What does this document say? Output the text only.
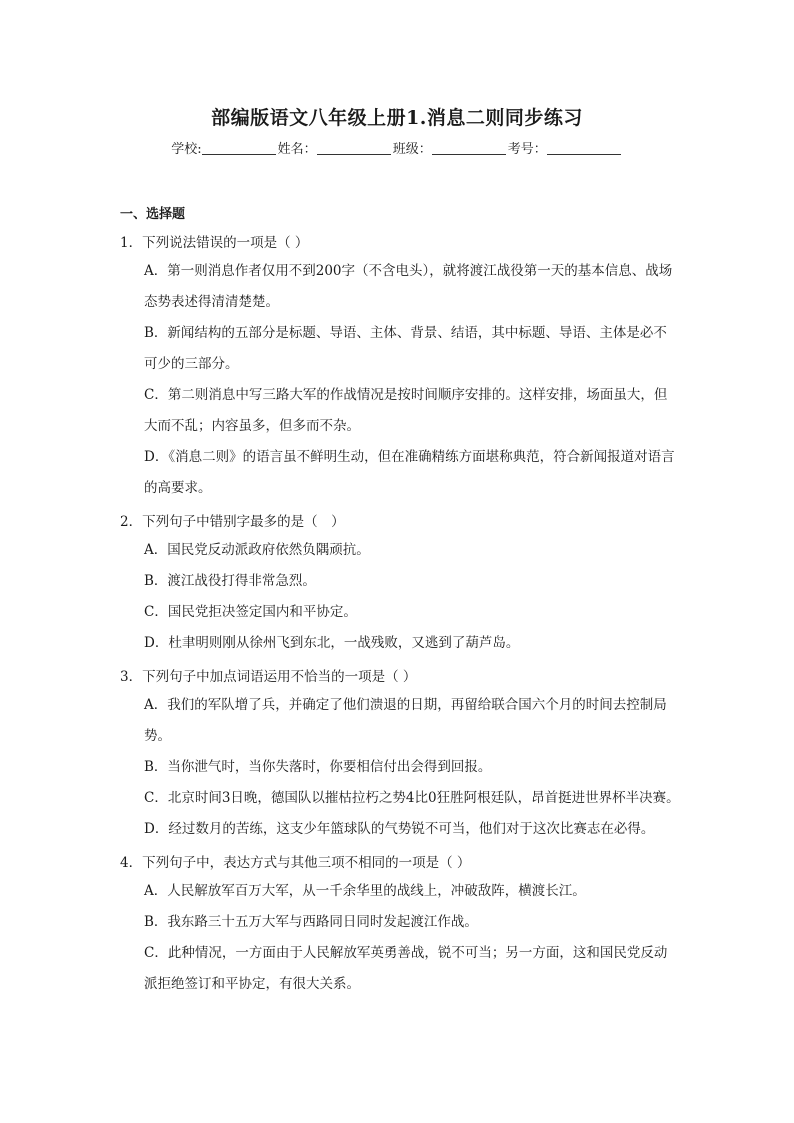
部编版语文八年级上册1.消息二则同步练习
学校:	姓名：	班级：	考号：
一、选择题
1．下列说法错误的一项是（ ）
A．第一则消息作者仅用不到200字（不含电头），就将渡江战役第一天的基本信息、战场态势表述得清清楚楚。
B．新闻结构的五部分是标题、导语、主体、背景、结语，其中标题、导语、主体是必不可少的三部分。
C．第二则消息中写三路大军的作战情况是按时间顺序安排的。这样安排，场面虽大，但大而不乱；内容虽多，但多而不杂。
D．《消息二则》的语言虽不鲜明生动，但在准确精练方面堪称典范，符合新闻报道对语言的高要求。
2．下列句子中错别字最多的是（　）
A．国民党反动派政府依然负隅顽抗。
B．渡江战役打得非常急烈。
C．国民党拒决签定国内和平协定。
D．杜聿明则刚从徐州飞到东北，一战残败，又逃到了葫芦岛。
3．下列句子中加点词语运用不恰当的一项是（ ）
A．我们的军队增了兵，并确定了他们溃退的日期，再留给联合国六个月的时间去控制局势。
B．当你泄气时，当你失落时，你要相信付出会得到回报。
C．北京时间3日晚，德国队以摧枯拉朽之势4比0狂胜阿根廷队，昂首挺进世界杯半决赛。
D．经过数月的苦练，这支少年篮球队的气势锐不可当，他们对于这次比赛志在必得。
4．下列句子中，表达方式与其他三项不相同的一项是（ ）
A．人民解放军百万大军，从一千余华里的战线上，冲破敌阵，横渡长江。
B．我东路三十五万大军与西路同日同时发起渡江作战。
C．此种情况，一方面由于人民解放军英勇善战，锐不可当；另一方面，这和国民党反动派拒绝签订和平协定，有很大关系。
